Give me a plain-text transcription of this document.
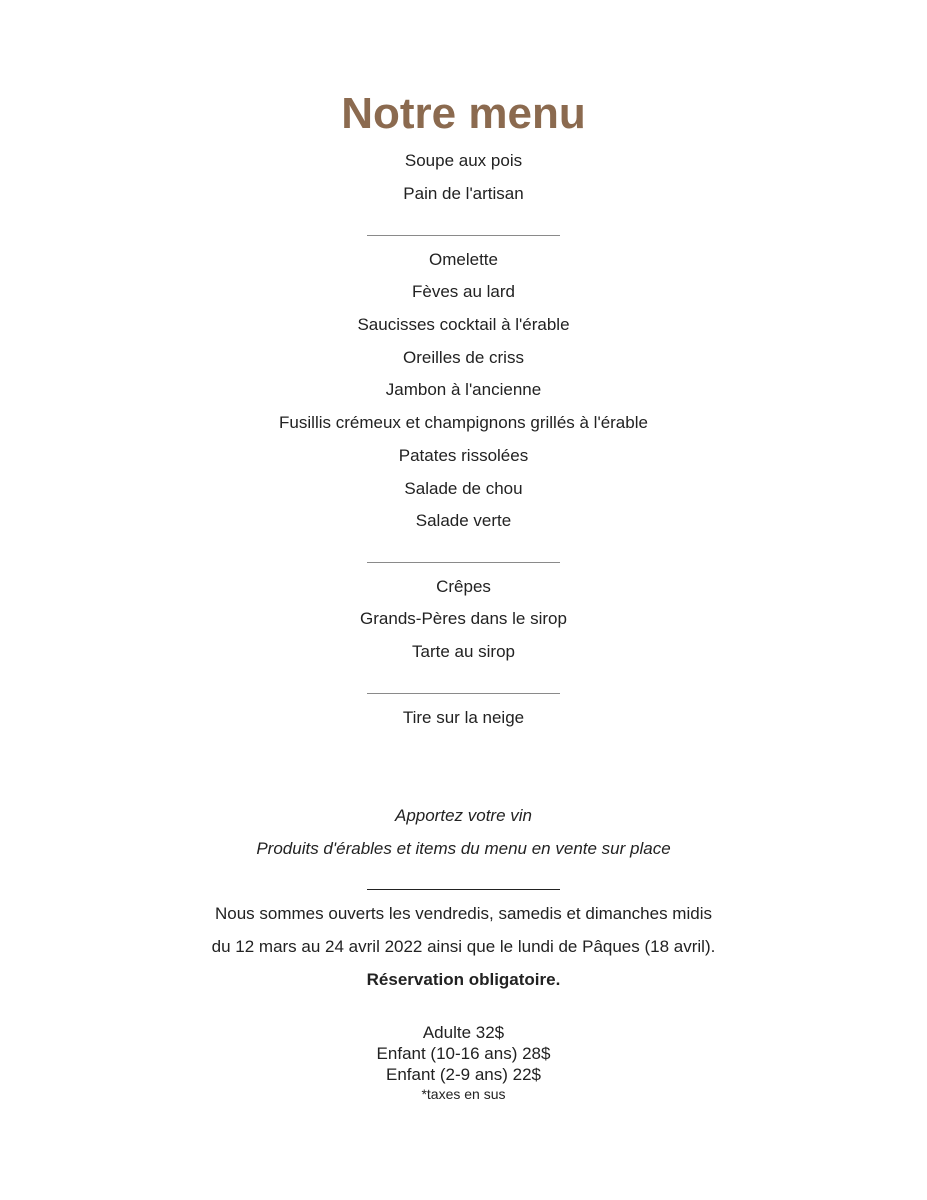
Notre menu
Soupe aux pois
Pain de l'artisan
Omelette
Fèves au lard
Saucisses cocktail à l'érable
Oreilles de criss
Jambon à l'ancienne
Fusillis crémeux et champignons grillés à l'érable
Patates rissolées
Salade de chou
Salade verte
Crêpes
Grands-Pères dans le sirop
Tarte au sirop
Tire sur la neige
Apportez votre vin
Produits d'érables et items du menu en vente sur place
Nous sommes ouverts les vendredis, samedis et dimanches midis
du 12 mars au 24 avril 2022 ainsi que le lundi de Pâques (18 avril).
Réservation obligatoire.
Adulte 32$
Enfant (10-16 ans) 28$
Enfant (2-9 ans) 22$
*taxes en sus
